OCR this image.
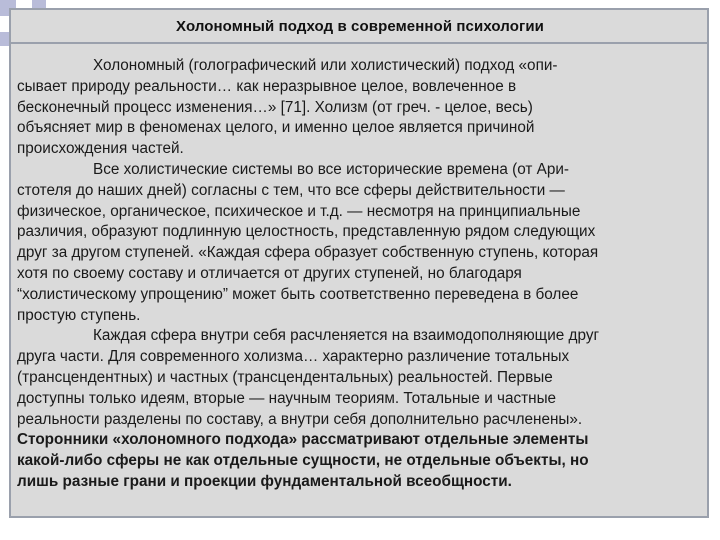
Холономный подход в современной психологии
Холономный (голографический или холистический) подход «опи-
сывает природу реальности… как неразрывное целое, вовлеченное в
бесконечный процесс изменения…» [71]. Холизм (от греч. - целое, весь)
объясняет мир в феноменах целого, и именно целое является причиной
происхождения частей.
Все холистические системы во все исторические времена (от Ари-
стотеля до наших дней) согласны с тем, что все сферы действительности —
физическое, органическое, психическое и т.д. — несмотря на принципиальные
различия, образуют подлинную целостность, представленную рядом следующих
друг за другом ступеней. «Каждая сфера образует собственную ступень, которая
хотя по своему составу и отличается от других ступеней, но благодаря
“холистическому упрощению” может быть соответственно переведена в более
простую ступень.
Каждая сфера внутри себя расчленяется на взаимодополняющие друг
друга части. Для современного холизма… характерно различение тотальных
(трансцендентных) и частных (трансцендентальных) реальностей. Первые
доступны только идеям, вторые — научным теориям. Тотальные и частные
реальности разделены по составу, а внутри себя дополнительно расчленены».
Сторонники «холономного подхода» рассматривают отдельные элементы
какой-либо сферы не как отдельные сущности, не отдельные объекты, но
лишь разные грани и проекции фундаментальной всеобщности.
